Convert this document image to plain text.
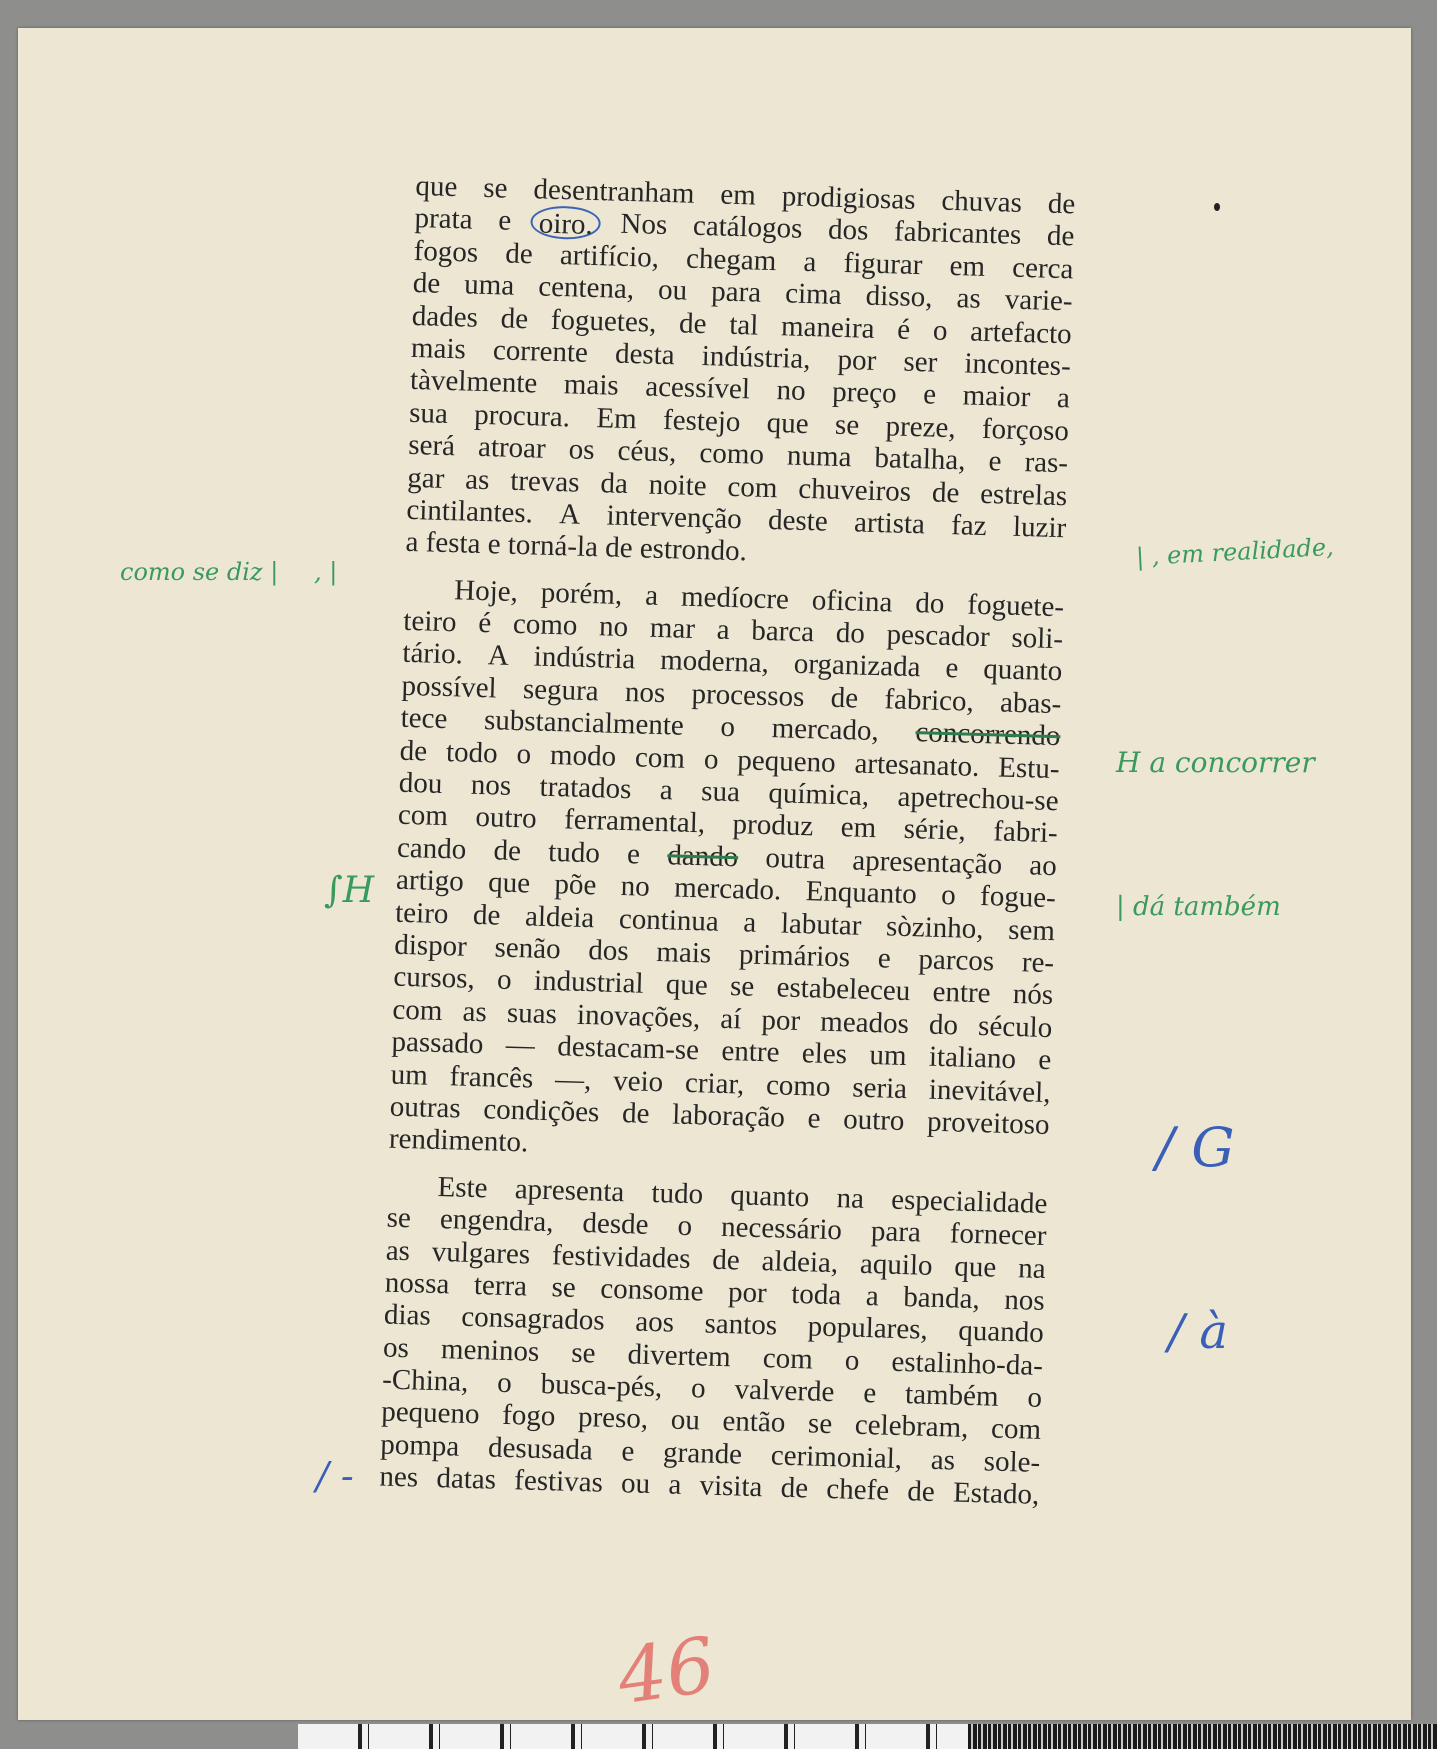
que se desentranham em prodigiosas chuvas de
prata e oiro. Nos catálogos dos fabricantes de
fogos de artifício, chegam a figurar em cerca
de uma centena, ou para cima disso, as varie-
dades de foguetes, de tal maneira é o artefacto
mais corrente desta indústria, por ser incontes-
tàvelmente mais acessível no preço e maior a
sua procura. Em festejo que se preze, forçoso
será atroar os céus, como numa batalha, e ras-
gar as trevas da noite com chuveiros de estrelas
cintilantes. A intervenção deste artista faz luzir
a festa e torná-la de estrondo.
Hoje, porém, a medíocre oficina do foguete-
teiro é como no mar a barca do pescador soli-
tário. A indústria moderna, organizada e quanto
possível segura nos processos de fabrico, abas-
tece substancialmente o mercado, concorrendo
de todo o modo com o pequeno artesanato. Estu-
dou nos tratados a sua química, apetrechou-se
com outro ferramental, produz em série, fabri-
cando de tudo e dando outra apresentação ao
artigo que põe no mercado. Enquanto o fogue-
teiro de aldeia continua a labutar sòzinho, sem
dispor senão dos mais primários e parcos re-
cursos, o industrial que se estabeleceu entre nós
com as suas inovações, aí por meados do século
passado — destacam-se entre eles um italiano e
um francês —, veio criar, como seria inevitável,
outras condições de laboração e outro proveitoso
rendimento.
Este apresenta tudo quanto na especialidade
se engendra, desde o necessário para fornecer
as vulgares festividades de aldeia, aquilo que na
nossa terra se consome por toda a banda, nos
dias consagrados aos santos populares, quando
os meninos se divertem com o estalinho-da-
-China, o busca-pés, o valverde e também o
pequeno fogo preso, ou então se celebram, com
pompa desusada e grande cerimonial, as sole-
nes datas festivas ou a visita de chefe de Estado,
como se diz | , |
| , em realidade,
H a concorrer
∫H	| dá também
/ G
/ à
/ -
46
